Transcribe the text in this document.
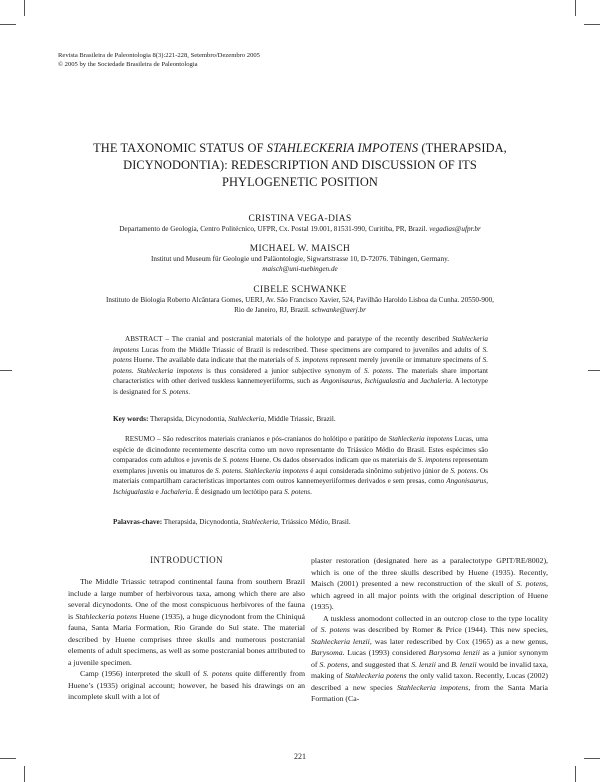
Revista Brasileira de Paleontologia 8(3):221-228, Setembro/Dezembro 2005
© 2005 by the Sociedade Brasileira de Paleontologia
THE TAXONOMIC STATUS OF STAHLECKERIA IMPOTENS (THERAPSIDA,
DICYNODONTIA): REDESCRIPTION AND DISCUSSION OF ITS
PHYLOGENETIC POSITION
CRISTINA VEGA-DIAS
Departamento de Geologia, Centro Politécnico, UFPR, Cx. Postal 19.001, 81531-990, Curitiba, PR, Brazil. vegadias@ufpr.br
MICHAEL W. MAISCH
Institut und Museum für Geologie und Paläontologie, Sigwartstrasse 10, D-72076. Tübingen, Germany.
maisch@uni-tuebingen.de
CIBELE SCHWANKE
Instituto de Biologia Roberto Alcântara Gomes, UERJ, Av. São Francisco Xavier, 524, Pavilhão Haroldo Lisboa da Cunha. 20550-900,
Rio de Janeiro, RJ, Brazil. schwanke@uerj.br

ABSTRACT – The cranial and postcranial materials of the holotype and paratype of the recently described Stahleckeria impotens Lucas from the Middle Triassic of Brazil is redescribed. These specimens are compared to juveniles and adults of S. potens Huene. The available data indicate that the materials of S. impotens represent merely juvenile or immature specimens of S. potens. Stahleckeria impotens is thus considered a junior subjective synonym of S. potens. The materials share important characteristics with other derived tuskless kannemeyeriiforms, such as Angonisaurus, Ischigualastia and Jachaleria. A lectotype is designated for S. potens.

Key words: Therapsida, Dicynodontia, Stahleckeria, Middle Triassic, Brazil.

RESUMO – São redescritos materiais cranianos e pós-cranianos do holótipo e parátipo de Stahleckeria impotens Lucas, uma espécie de dicinodonte recentemente descrita como um novo representante do Triássico Médio do Brasil. Estes espécimes são comparados com adultos e juvenis de S. potens Huene. Os dados observados indicam que os materiais de S. impotens representam exemplares juvenis ou imaturos de S. potens. Stahleckeria impotens é aqui considerada sinônimo subjetivo júnior de S. potens. Os materiais compartilham características importantes com outros kannemeyeriiformes derivados e sem presas, como Angonisaurus, Ischigualastia e Jachaleria. É designado um lectótipo para S. potens.

Palavras-chave: Therapsida, Dicynodontia, Stahleckeria, Triássico Médio, Brasil.

INTRODUCTION

The Middle Triassic tetrapod continental fauna from southern Brazil include a large number of herbivorous taxa, among which there are also several dicynodonts. One of the most conspicuous herbivores of the fauna is Stahleckeria potens Huene (1935), a huge dicynodont from the Chiniquá fauna, Santa Maria Formation, Rio Grande do Sul state. The material described by Huene comprises three skulls and numerous postcranial elements of adult specimens, as well as some postcranial bones attributed to a juvenile specimen.

Camp (1956) interpreted the skull of S. potens quite differently from Huene’s (1935) original account; however, he based his drawings on an incomplete skull with a lot of

plaster restoration (designated here as a paralectotype GPIT/RE/8002), which is one of the three skulls described by Huene (1935). Recently, Maisch (2001) presented a new reconstruction of the skull of S. potens, which agreed in all major points with the original description of Huene (1935).

A tuskless anomodont collected in an outcrop close to the type locality of S. potens was described by Romer & Price (1944). This new species, Stahleckeria lenzii, was later redescribed by Cox (1965) as a new genus, Barysoma. Lucas (1993) considered Barysoma lenzii as a junior synonym of S. potens, and suggested that S. lenzii and B. lenzii would be invalid taxa, making of Stahleckeria potens the only valid taxon. Recently, Lucas (2002) described a new species Stahleckeria impotens, from the Santa Maria Formation (Ca-

221
